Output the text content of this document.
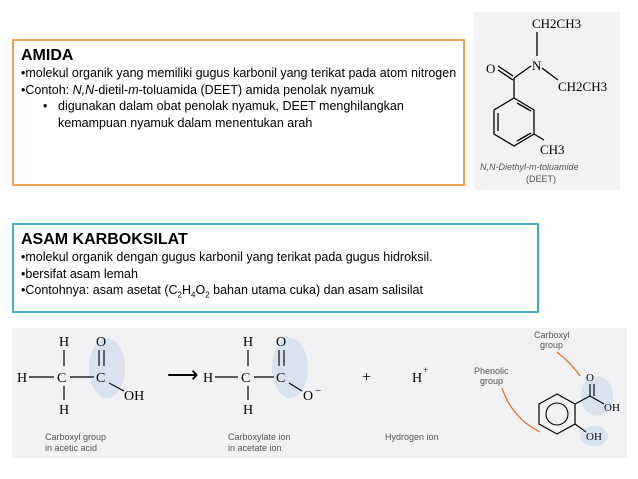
AMIDA
•molekul organik yang memiliki gugus karbonil yang terikat pada atom nitrogen
•Contoh: N,N-dietil-m-toluamida (DEET) amida penolak nyamuk
• digunakan dalam obat penolak nyamuk, DEET menghilangkan kemampuan nyamuk dalam menentukan arah
CH2CH3
N
CH2CH3
O
CH3
N,N-Diethyl-m-toluamide
(DEET)
ASAM KARBOKSILAT
•molekul organik dengan gugus karbonil yang terikat pada gugus hidroksil.
•bersifat asam lemah
•Contohnya: asam asetat ($C_2H_4O_2$ bahan utama cuka) dan asam salisilat
H
H C
H
C
O
OH
Carboxyl group
in acetic acid
⟶
H
H C
H
C
O
O −
Carboxylate ion
in acetate ion
+	H
+
Hydrogen ion
Carboxyl
group
Phenolic
group	O
OH
OH
